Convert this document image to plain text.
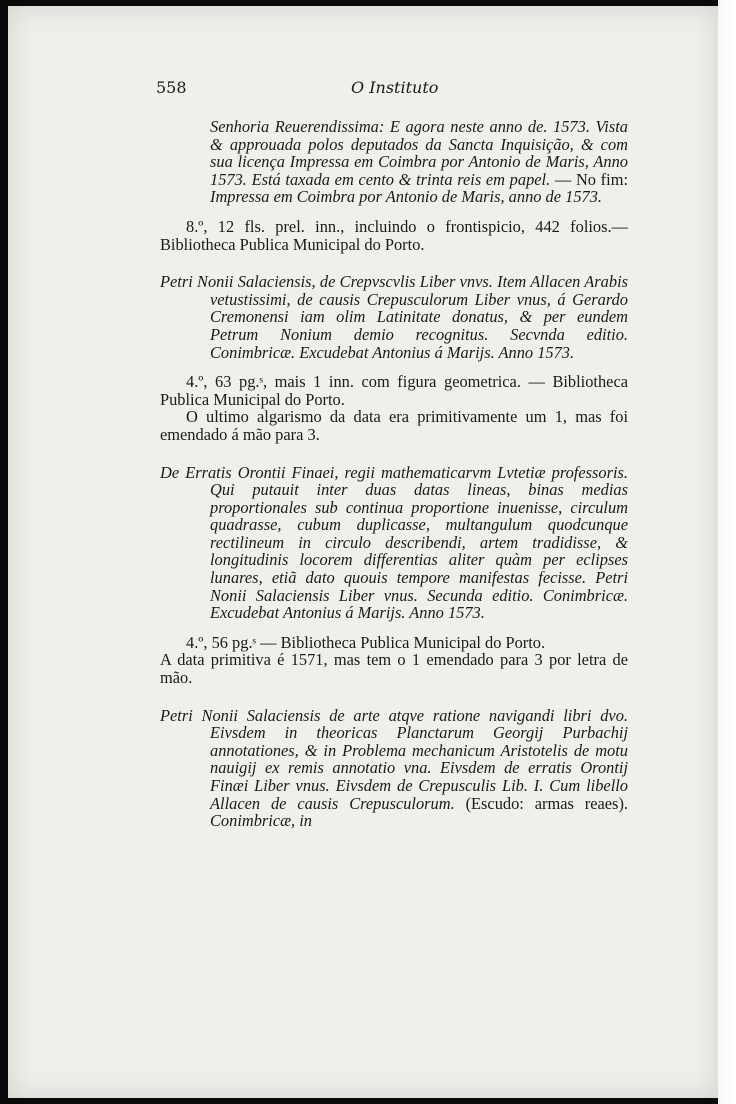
558	O Instituto

Senhoria Reuerendissima: E agora neste anno de. 1573. Vista & approuada polos deputados da Sancta Inquisição, & com sua licença Impressa em Coimbra por Antonio de Maris, Anno 1573. Está taxada em cento & trinta reis em papel. — No fim: Impressa em Coimbra por Antonio de Maris, anno de 1573.

8.º, 12 fls. prel. inn., incluindo o frontispicio, 442 folios.— Bibliotheca Publica Municipal do Porto.

Petri Nonii Salaciensis, de Crepvscvlis Liber vnvs. Item Allacen Arabis vetustissimi, de causis Crepusculorum Liber vnus, á Gerardo Cremonensi iam olim Latinitate donatus, & per eundem Petrum Nonium demio recognitus. Secvnda editio. Conimbricæ. Excudebat Antonius á Marijs. Anno 1573.

4.º, 63 pg.ˢ, mais 1 inn. com figura geometrica. — Bibliotheca Publica Municipal do Porto.

O ultimo algarismo da data era primitivamente um 1, mas foi emendado á mão para 3.

De Erratis Orontii Finaei, regii mathematicarvm Lvtetiæ professoris. Qui putauit inter duas datas lineas, binas medias proportionales sub continua proportione inuenisse, circulum quadrasse, cubum duplicasse, multangulum quodcunque rectilineum in circulo describendi, artem tradidisse, & longitudinis locorem differentias aliter quàm per eclipses lunares, etiã dato quouis tempore manifestas fecisse. Petri Nonii Salaciensis Liber vnus. Secunda editio. Conimbricæ. Excudebat Antonius á Marijs. Anno 1573.

4.º, 56 pg.ˢ — Bibliotheca Publica Municipal do Porto.

A data primitiva é 1571, mas tem o 1 emendado para 3 por letra de mão.

Petri Nonii Salaciensis de arte atqve ratione navigandi libri dvo. Eivsdem in theoricas Planctarum Georgij Purbachij annotationes, & in Problema mechanicum Aristotelis de motu nauigij ex remis annotatio vna. Eivsdem de erratis Orontij Finæi Liber vnus. Eivsdem de Crepusculis Lib. I. Cum libello Allacen de causis Crepusculorum. (Escudo: armas reaes). Conimbricæ, in
